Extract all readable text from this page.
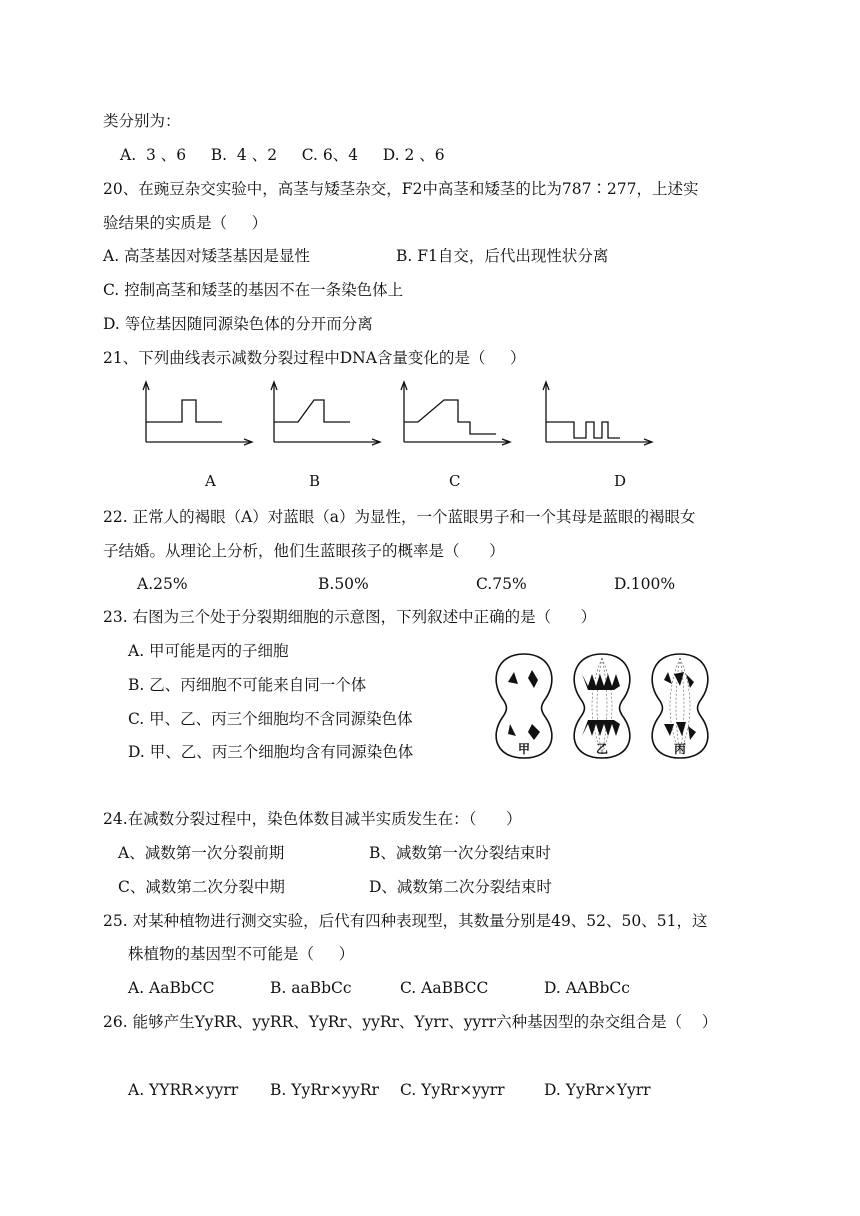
类分别为：
A.  3 、6     B.  4 、2     C. 6、4     D. 2 、6
20、在豌豆杂交实验中，高茎与矮茎杂交，F2中高茎和矮茎的比为787∶277，上述实
验结果的实质是（     ）
A. 高茎基因对矮茎基因是显性	B. F1自交，后代出现性状分离
C. 控制高茎和矮茎的基因不在一条染色体上
D. 等位基因随同源染色体的分开而分离
21、下列曲线表示减数分裂过程中DNA含量变化的是（     ）
A	B	C	D
22. 正常人的褐眼（A）对蓝眼（a）为显性，一个蓝眼男子和一个其母是蓝眼的褐眼女
子结婚。从理论上分析，他们生蓝眼孩子的概率是（      ）
A.25%	B.50%	C.75%	D.100%
23. 右图为三个处于分裂期细胞的示意图，下列叙述中正确的是（      ）
A. 甲可能是丙的子细胞
B. 乙、丙细胞不可能来自同一个体
C. 甲、乙、丙三个细胞均不含同源染色体
D. 甲、乙、丙三个细胞均含有同源染色体	甲	乙	丙
24.在减数分裂过程中，染色体数目减半实质发生在：（      ）
A、减数第一次分裂前期	B、减数第一次分裂结束时
C、减数第二次分裂中期	D、减数第二次分裂结束时
25. 对某种植物进行测交实验，后代有四种表现型，其数量分别是49、52、50、51，这
株植物的基因型不可能是（     ）
A. AaBbCC	B. aaBbCc	C. AaBBCC	D. AABbCc
26. 能够产生YyRR、yyRR、YyRr、yyRr、Yyrr、yyrr六种基因型的杂交组合是（    ）
A. YYRR×yyrr B. YyRr×yyRr C. YyRr×yyrr	D. YyRr×Yyrr
